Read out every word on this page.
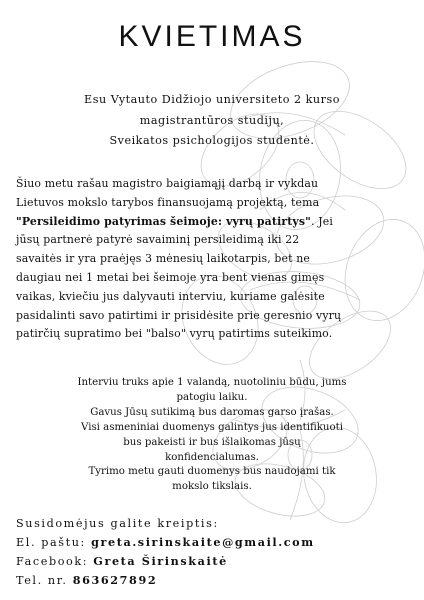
KVIETIMAS
Esu Vytauto Didžiojo universiteto 2 kurso
magistrantūros studijų,
Sveikatos psichologijos studentė.
Šiuo metu rašau magistro baigiamąjį darbą ir vykdau
Lietuvos mokslo tarybos finansuojamą projektą, tema
"Persileidimo patyrimas šeimoje: vyrų patirtys". Jei
jūsų partnerė patyrė savaiminį persileidimą iki 22
savaitės ir yra praėjęs 3 mėnesių laikotarpis, bet ne
daugiau nei 1 metai bei šeimoje yra bent vienas gimęs
vaikas, kviečiu jus dalyvauti interviu, kuriame galėsite
pasidalinti savo patirtimi ir prisidėsite prie geresnio vyrų
patirčių supratimo bei "balso" vyrų patirtims suteikimo.
Interviu truks apie 1 valandą, nuotoliniu būdu, jums
patogiu laiku.
Gavus Jūsų sutikimą bus daromas garso įrašas.
Visi asmeniniai duomenys galintys jus identifikuoti
bus pakeisti ir bus išlaikomas jūsų
konfidencialumas.
Tyrimo metu gauti duomenys bus naudojami tik
mokslo tikslais.
Susidomėjus galite kreiptis:
El. paštu: greta.sirinskaite@gmail.com
Facebook: Greta Širinskaitė
Tel. nr. 863627892
